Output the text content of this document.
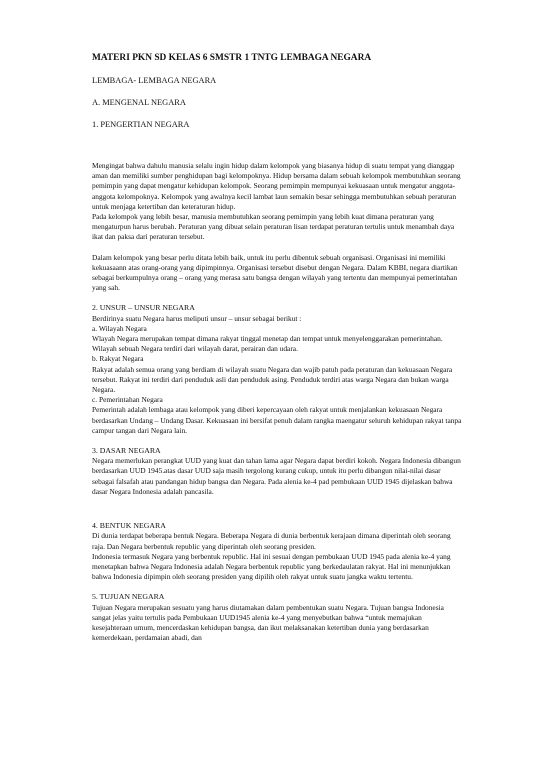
MATERI PKN SD KELAS 6 SMSTR 1 TNTG LEMBAGA NEGARA
LEMBAGA- LEMBAGA NEGARA
A. MENGENAL NEGARA
1. PENGERTIAN NEGARA

Mengingat bahwa dahulu manusia selalu ingin hidup dalam kelompok yang biasanya hidup di suatu tempat yang dianggap aman dan memiliki sumber penghidupan bagi kelompoknya. Hidup bersama dalam sebuah kelompok membutuhkan seorang pemimpin yang dapat mengatur kehidupan kelompok. Seorang pemimpin mempunyai kekuasaan untuk mengatur anggota-anggota kelompoknya. Kelompok yang awalnya kecil lambat laun semakin besar sehingga membutuhkan sebuah peraturan untuk menjaga ketertiban dan keteraturan hidup.

Pada kelompok yang lebih besar, manusia membutuhkan seorang pemimpin yang lebih kuat dimana peraturan yang mengaturpun harus berubah. Peraturan yang dibuat selain peraturan lisan terdapat peraturan tertulis untuk menambah daya ikat dan paksa dari peraturan tersebut.

Dalam kelompok yang besar perlu ditata lebih baik, untuk itu perlu dibentuk sebuah organisasi. Organisasi ini memiliki kekuasaann atas orang-orang yang dipimpinnya. Organisasi tersebut disebut dengan Negara. Dalam KBBI, negara diartikan sebagai berkumpulnya orang – orang yang merasa satu bangsa dengan wilayah yang tertentu dan mempunyai pemerintahan yang sah.

2. UNSUR – UNSUR NEGARA

Berdirinya suatu Negara harus meliputi unsur – unsur sebagai berikut :

a. Wilayah Negara

Wlayah Negara merupakan tempat dimana rakyat tinggal menetap dan tempat untuk menyelenggarakan pemerintahan. Wilayah sebuah Negara terdiri dari wilayah darat, perairan dan udara.

b. Rakyat Negara

Rakyat adalah semua orang yang berdiam di wilayah suatu Negara dan wajib patuh pada peraturan dan kekuasaan Negara tersebut. Rakyat ini terdiri dari penduduk asli dan penduduk asing. Penduduk terdiri atas warga Negara dan bukan warga Negara.

c. Pemerintahan Negara

Pemerintah adalah lembaga atau kelompok yang diberi kepercayaan oleh rakyat untuk menjalankan kekuasaan Negara berdasarkan Undang – Undang Dasar. Kekuasaan ini bersifat penuh dalam rangka maengatur seluruh kehidupan rakyat tanpa campur tangan dari Negara lain.

3. DASAR NEGARA

Negara memerlukan perangkat UUD yang kuat dan tahan lama agar Negara dapat berdiri kokoh. Negara Indonesia dibangun berdasarkan UUD 1945.atas dasar UUD saja masih tergolong kurang cukup, untuk itu perlu dibangun nilai-nilai dasar sebagai falsafah atau pandangan hidup bangsa dan Negara. Pada alenia ke-4 pad pembukaan UUD 1945 dijelaskan bahwa dasar Negara Indonesia adalah pancasila.

4. BENTUK NEGARA

Di dunia terdapat beberapa bentuk Negara. Beberapa Negara di dunia berbentuk kerajaan dimana diperintah oleh seorang raja. Dan Negara berbentuk republic yang diperintah oleh seorang presiden.

Indonesia termasuk Negara yang berbentuk republic. Hal ini sesuai dengan pembukaan UUD 1945 pada alenia ke-4 yang menetapkan bahwa Negara Indonesia adalah Negara berbentuk republic yang berkedaulatan rakyat. Hal ini menunjukkan bahwa Indonesia dipimpin oleh seorang presiden yang dipilih oleh rakyat untuk suatu jangka waktu tertentu.

5. TUJUAN NEGARA

Tujuan Negara merupakan sesuatu yang harus diutamakan dalam pembentukan suatu Negara. Tujuan bangsa Indonesia sangat jelas yaitu tertulis pada Pembukaan UUD1945 alenia ke-4 yang menyebutkan bahwa “untuk memajukan kesejahteraan umum, mencerdaskan kehidupan bangsa, dan ikut melaksanakan ketertiban dunia yang berdasarkan kemerdekaan, perdamaian abadi, dan
